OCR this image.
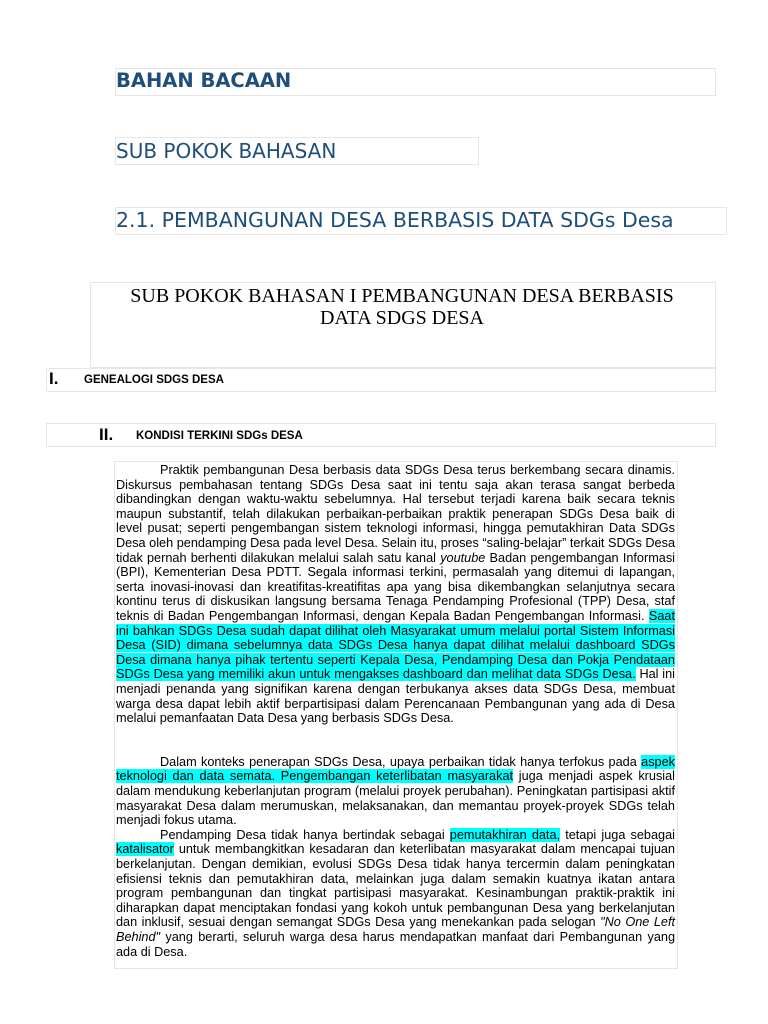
BAHAN BACAAN
SUB POKOK BAHASAN
2.1. PEMBANGUNAN DESA BERBASIS DATA SDGs Desa
SUB POKOK BAHASAN I PEMBANGUNAN DESA BERBASIS
DATA SDGS DESA
I. GENEALOGI SDGS DESA
II. KONDISI TERKINI SDGs DESA
Praktik pembangunan Desa berbasis data SDGs Desa terus berkembang secara dinamis. Diskursus pembahasan tentang SDGs Desa saat ini tentu saja akan terasa sangat berbeda dibandingkan dengan waktu-waktu sebelumnya. Hal tersebut terjadi karena baik secara teknis maupun substantif, telah dilakukan perbaikan-perbaikan praktik penerapan SDGs Desa baik di level pusat; seperti pengembangan sistem teknologi informasi, hingga pemutakhiran Data SDGs Desa oleh pendamping Desa pada level Desa. Selain itu, proses “saling-belajar” terkait SDGs Desa tidak pernah berhenti dilakukan melalui salah satu kanal youtube Badan pengembangan Informasi (BPI), Kementerian Desa PDTT. Segala informasi terkini, permasalah yang ditemui di lapangan, serta inovasi-inovasi dan kreatifitas-kreatifitas apa yang bisa dikembangkan selanjutnya secara kontinu terus di diskusikan langsung bersama Tenaga Pendamping Profesional (TPP) Desa, staf teknis di Badan Pengembangan Informasi, dengan Kepala Badan Pengembangan Informasi. Saat ini bahkan SDGs Desa sudah dapat dilihat oleh Masyarakat umum melalui portal Sistem Informasi Desa (SID) dimana sebelumnya data SDGs Desa hanya dapat dilihat melalui dashboard SDGs Desa dimana hanya pihak tertentu seperti Kepala Desa, Pendamping Desa dan Pokja Pendataan SDGs Desa yang memiliki akun untuk mengakses dashboard dan melihat data SDGs Desa. Hal ini menjadi penanda yang signifikan karena dengan terbukanya akses data SDGs Desa, membuat warga desa dapat lebih aktif berpartisipasi dalam Perencanaan Pembangunan yang ada di Desa melalui pemanfaatan Data Desa yang berbasis SDGs Desa.
Dalam konteks penerapan SDGs Desa, upaya perbaikan tidak hanya terfokus pada aspek teknologi dan data semata. Pengembangan keterlibatan masyarakat juga menjadi aspek krusial dalam mendukung keberlanjutan program (melalui proyek perubahan). Peningkatan partisipasi aktif masyarakat Desa dalam merumuskan, melaksanakan, dan memantau proyek-proyek SDGs telah menjadi fokus utama.
Pendamping Desa tidak hanya bertindak sebagai pemutakhiran data, tetapi juga sebagai katalisator untuk membangkitkan kesadaran dan keterlibatan masyarakat dalam mencapai tujuan berkelanjutan. Dengan demikian, evolusi SDGs Desa tidak hanya tercermin dalam peningkatan efisiensi teknis dan pemutakhiran data, melainkan juga dalam semakin kuatnya ikatan antara program pembangunan dan tingkat partisipasi masyarakat. Kesinambungan praktik-praktik ini diharapkan dapat menciptakan fondasi yang kokoh untuk pembangunan Desa yang berkelanjutan dan inklusif, sesuai dengan semangat SDGs Desa yang menekankan pada selogan "No One Left Behind" yang berarti, seluruh warga desa harus mendapatkan manfaat dari Pembangunan yang ada di Desa.
